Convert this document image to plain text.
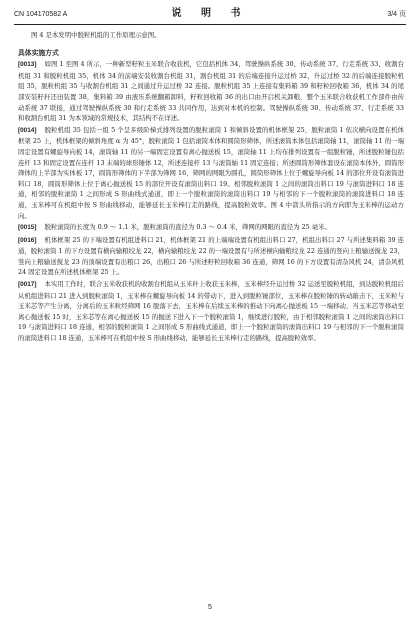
CN 104170582 A	说 明 书	3/4 页

图 4 是本发明中脱粒机组的工作原理示意图。

具体实施方式

[0013] 如图 1 至图 4 所示，一种新型籽粒玉米联合收获机，它包括机体 34、驾驶操纵系统 30、传动系统 37、行走系统 33、收割台机组 31 和脱粒机组 35，机体 34 的前端安装收割台机组 31，割台机组 31 的后端连接升运过桥 32，升运过桥 32 的后端连接脱粒机组 35，脱粒机组 35 与收割台机组 31 之间通过升运过桥 32 连接。脱粒机组 35 上连接有集料箱 39 和籽粒回收箱 36，机体 34 的尾部安装籽秆还田装置 38，集料箱 39 由液压系统翻箱卸料，籽粒回收箱 36 的出口由开启机关卸粮，整个玉米联合收获机工作部件由传动系统 37 联接，通过驾驶操纵系统 30 和行走系统 33 共同作用，达到对本机的控制。驾驶操纵系统 30、传动系统 37、行走系统 33 和收割台机组 31 为本领域的常规技术，其结构不在详述。

[0014] 脱粒机组 35 包括一组 5 个呈多级阶梯式排列设置的脱粒滚筒 1 和倾斜设置的机体框架 25，脱粒滚筒 1 依次横向设置在机体框架 25 上，机体框架的倾斜角度 α 为 45°，脱粒滚筒 1 包括滚筒本体和圆筒形筛体，所述滚筒本体包括滚筒轴 11，滚筒轴 11 的一端固定设置有螺旋导向板 14，滚筒轴 11 的另一端固定设置有离心抛送板 15，滚筒轴 11 上均布排列设置有一组脱粒锤，所述脱粒锤包括连杆 13 和固定设置在连杆 13 末端的球形锤体 12，所述连接杆 13 与滚筒轴 11 固定连接；所述圆筒形筛体套设在滚筒本体外，圆筒形筛体的上半部为实体板 17，圆筒形筛体的下半部为筛网 16，筛网的网眼为圆孔，圆筒形筛体上位于螺旋导向板 14 的部位开设有滚筒进料口 18，圆筒形筛体上位于离心抛送板 15 的部位开设有滚筒出料口 19。相邻脱粒滚筒 1 之间的滚筒出料口 19 与滚筒进料口 18 连通，相邻的脱粒滚筒 1 之间形成 S 形曲线式通道，即上一个脱粒滚筒的滚筒出料口 19 与相邻的下一个脱粒滚筒的滚筒进料口 18 连通，玉米棒可在机组中按 S 形曲线移动，能够延长玉米棒行走的路线，提高脱粒效率。图 4 中箭头所指示的方向即为玉米棒的运动方向。

[0015] 脱粒滚筒的长度为 0.9 ～ 1.1 米，脱粒滚筒的直径为 0.3 ～ 0.4 米，筛网的网眼的直径为 25 毫米。

[0016] 机体框架 25 的下端设置有机组进料口 21，机体框架 21 的上端端设置有机组出料口 27，机组出料口 27 与所述集料箱 39 连通，脱粒滚筒 1 的下方设置有横向输粮绞龙 22，横向输粮绞龙 22 的一端设置有与所述横向输粮绞龙 22 连通的竖向上粮输送搅龙 23，竖向上粮输送搅龙 23 的顶端设置有出粮口 26，出粮口 26 与所述籽粒回收箱 36 连通，筛网 16 的下方设置有清杂风机 24，清杂风机 24 固定设置在所述机体框架 25 上。

[0017] 本实用工作时，联合玉米收获机的收割台机组从玉米秆上收获玉米棒，玉米棒经升运过桥 32 运送至脱粒机组，到达脱粒机组后从机组进料口 21 进入到脱粒滚筒 1，玉米棒在螺旋导向板 14 的带动下，进入到脱粒锤部位，玉米棒在脱粒锤的转动敲击下，玉米粒与玉米芯等产生分离，分离后的玉米粒经筛网 16 脱落下去，玉米棒在后续玉米棒的推动下向离心抛送板 15 一端移动，当玉米芯等移动至离心抛送板 15 时，玉米芯等在离心抛送板 15 的抛送下进入下一个脱粒滚筒 1，继续进行脱粒，由于相邻脱粒滚筒 1 之间的滚筒出料口 19 与滚筒进料口 18 连通，相邻的脱粒滚筒 1 之间形成 S 形曲线式通道，即上一个脱粒滚筒的滚筒出料口 19 与相邻的下一个脱粒滚筒的滚筒进料口 18 连通，玉米棒可在机组中按 S 形曲线移动，能够延长玉米棒行走的路线，提高脱粒效率。

5
